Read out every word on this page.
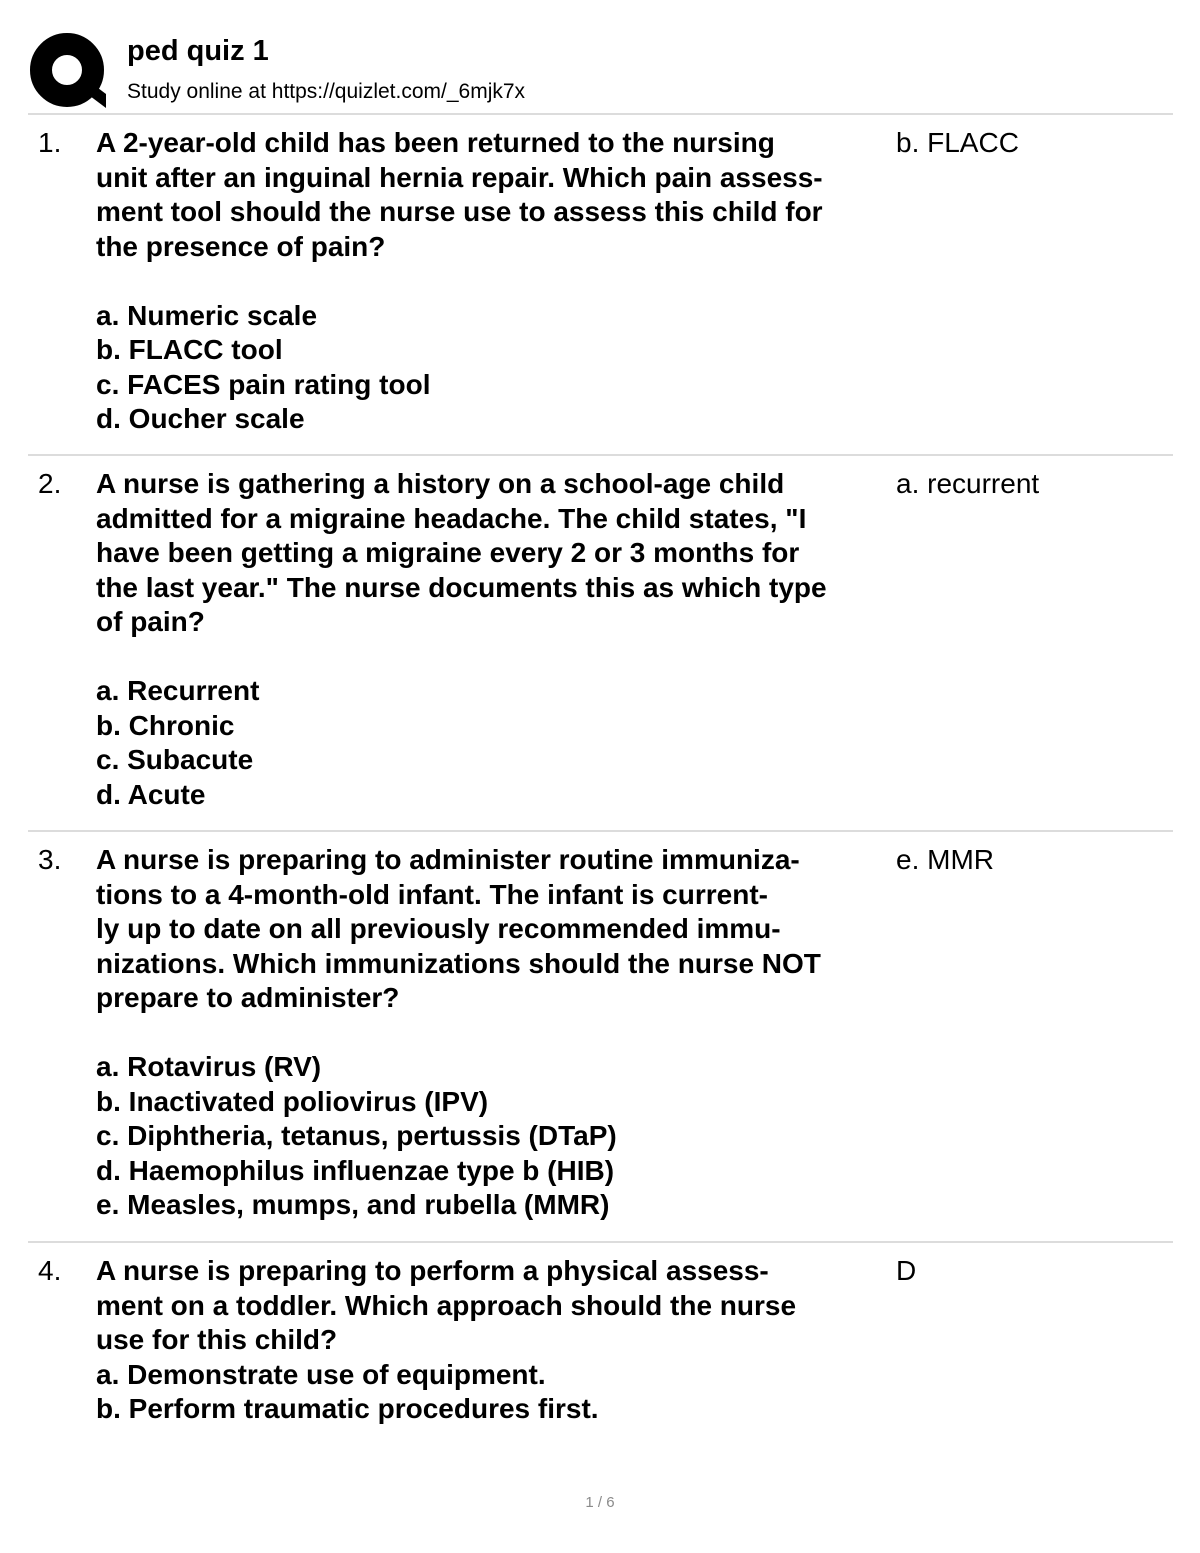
ped quiz 1
Study online at https://quizlet.com/_6mjk7x
1. A 2-year-old child has been returned to the nursing
unit after an inguinal hernia repair. Which pain assess-
ment tool should the nurse use to assess this child for
the presence of pain?

a. Numeric scale
b. FLACC tool
c. FACES pain rating tool
d. Oucher scale
b. FLACC
2. A nurse is gathering a history on a school-age child
admitted for a migraine headache. The child states, "I
have been getting a migraine every 2 or 3 months for
the last year." The nurse documents this as which type
of pain?

a. Recurrent
b. Chronic
c. Subacute
d. Acute
a. recurrent
3. A nurse is preparing to administer routine immuniza-
tions to a 4-month-old infant. The infant is current-
ly up to date on all previously recommended immu-
nizations. Which immunizations should the nurse NOT
prepare to administer?

a. Rotavirus (RV)
b. Inactivated poliovirus (IPV)
c. Diphtheria, tetanus, pertussis (DTaP)
d. Haemophilus influenzae type b (HIB)
e. Measles, mumps, and rubella (MMR)
e. MMR
4. A nurse is preparing to perform a physical assess-
ment on a toddler. Which approach should the nurse
use for this child?

a. Demonstrate use of equipment.
b. Perform traumatic procedures first.
D
1 / 6
